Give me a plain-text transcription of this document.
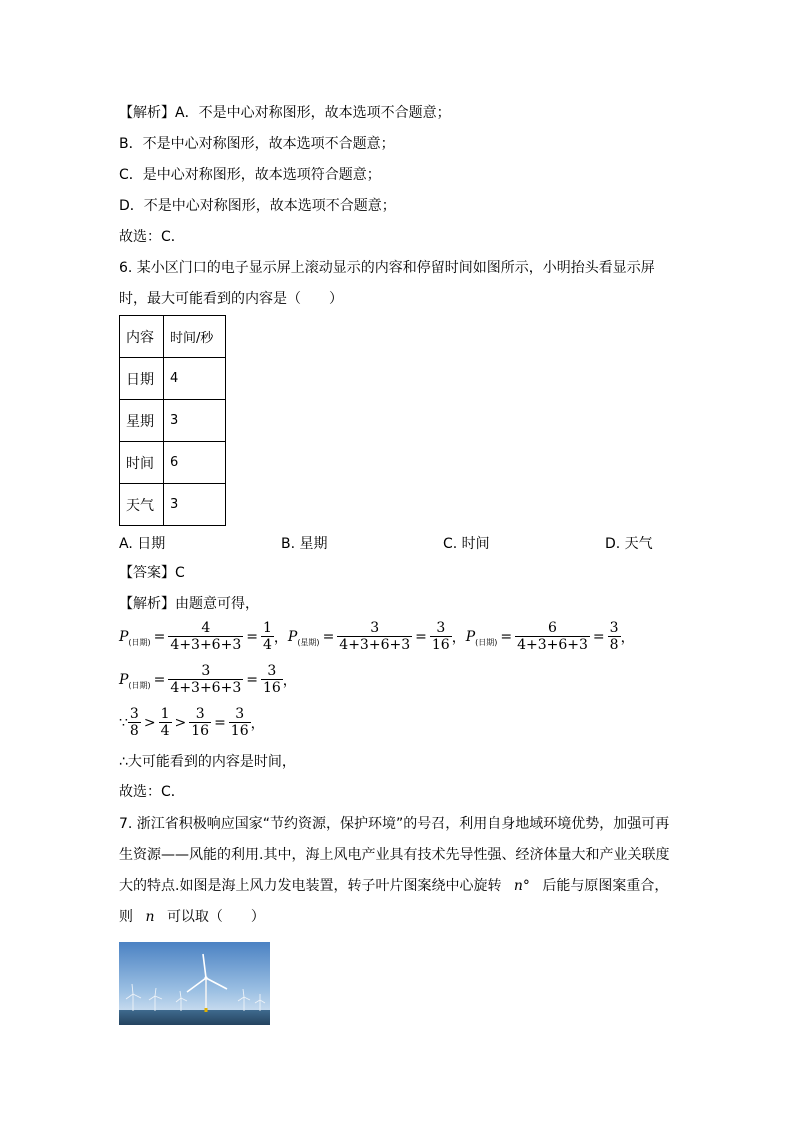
【解析】A．不是中心对称图形，故本选项不合题意；
B．不是中心对称图形，故本选项不合题意；
C．是中心对称图形，故本选项符合题意；
D．不是中心对称图形，故本选项不合题意；
故选：C．
6. 某小区门口的电子显示屏上滚动显示的内容和停留时间如图所示，小明抬头看显示屏
时，最大可能看到的内容是（　　）
内容	时间/秒
日期	4
星期	3
时间	6
天气	3
A. 日期	B. 星期	C. 时间	D. 天气
【答案】C
【解析】由题意可得，
P (日期) = $\frac{4}{4+3+6+3} = \frac{1}{4}$ ， P (星期) = $\frac{3}{4+3+6+3} = \frac{3}{16}$ ， P (日期) = $\frac{6}{4+3+6+3} = \frac{3}{8}$ ，
P (日期) = $\frac{3}{4+3+6+3} = \frac{3}{16}$ ，
∵ $\frac{3}{8} > \frac{1}{4} > \frac{3}{16} = \frac{3}{16}$ ，
∴大可能看到的内容是时间，
故选：C．
7. 浙江省积极响应国家“节约资源，保护环境”的号召，利用自身地域环境优势，加强可再
生资源——风能的利用.其中，海上风电产业具有技术先导性强、经济体量大和产业关联度
大的特点.如图是海上风力发电装置，转子叶片图案绕中心旋转 n° 后能与原图案重合，
则 n 可以取（　　）
